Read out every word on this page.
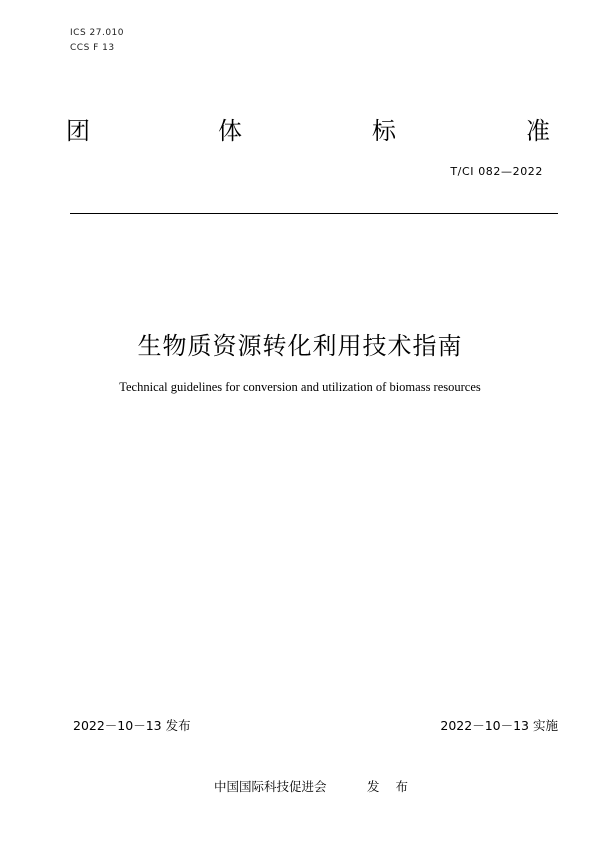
ICS 27.010
CCS F 13
团	体	标	准
T/CI 082—2022
生物质资源转化利用技术指南
Technical guidelines for conversion and utilization of biomass resources
2022－10－13 发布	2022－10－13 实施
中国国际科技促进会	发 布
